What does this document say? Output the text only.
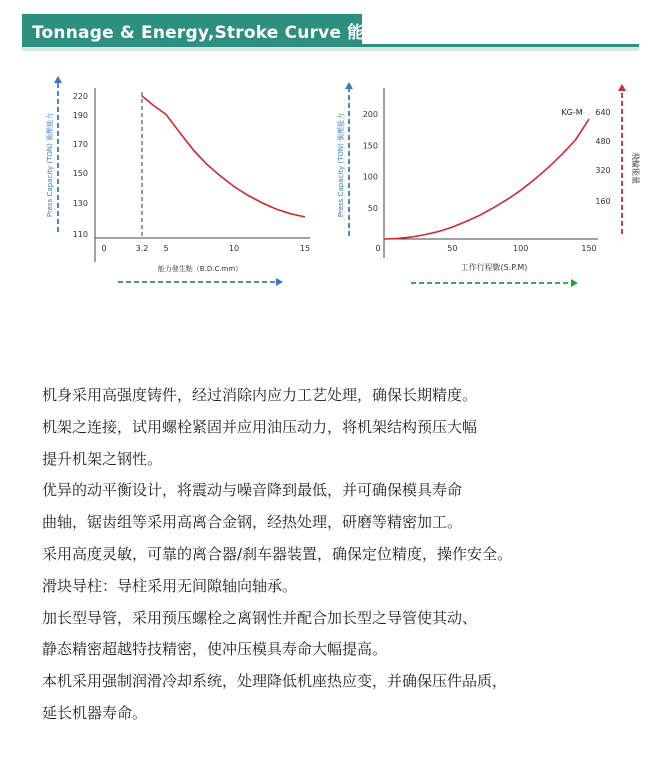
Tonnage & Energy,Stroke Curve 能力曲线图
110
130
150
170
190
220
0	3.2 5	10	15
Press Capacity (TON) 衝壓能力
能力發生點（B.D.C.mm）
50
100
150
200
0	50	100	150
160
320
480
640
KG-M
Press Capacity (TON) 衝壓能力	飛輪能量
工作行程數(S.P.M)
机身采用高强度铸件，经过消除内应力工艺处理，确保长期精度。
机架之连接，试用螺栓紧固并应用油压动力，将机架结构预压大幅
提升机架之钢性。
优异的动平衡设计，将震动与噪音降到最低，并可确保模具寿命
曲轴，锯齿组等采用高离合金钢，经热处理，研磨等精密加工。
采用高度灵敏，可靠的离合器/刹车器装置，确保定位精度，操作安全。
滑块导柱：导柱采用无间隙轴向轴承。
加长型导管，采用预压螺栓之离钢性并配合加长型之导管使其动、
静态精密超越特技精密，使冲压模具寿命大幅提高。
本机采用强制润滑冷却系统，处理降低机座热应变，并确保压件品质，
延长机器寿命。
